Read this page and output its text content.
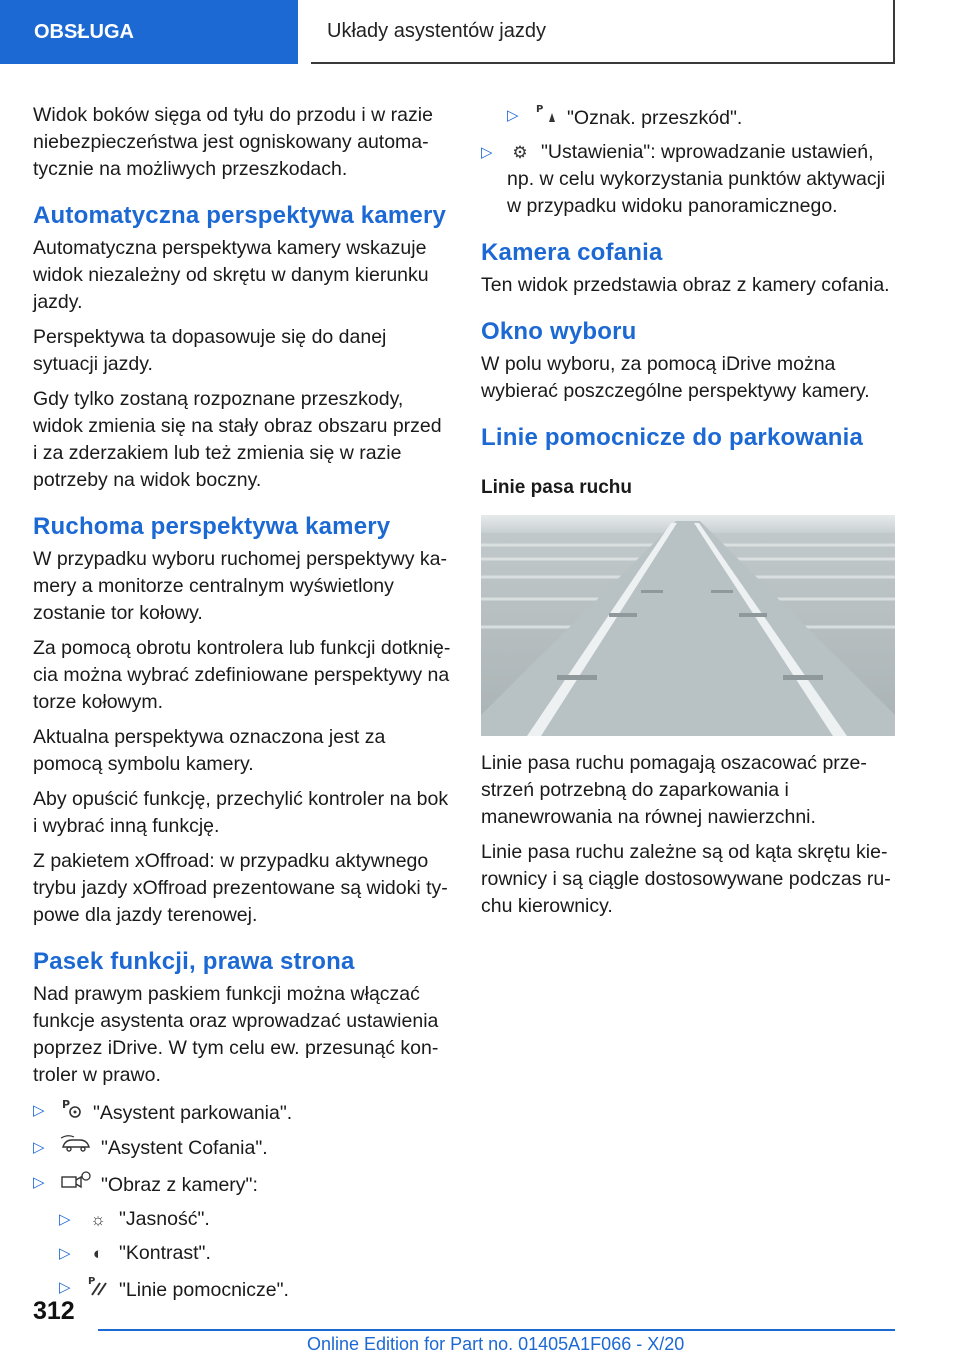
OBSŁUGA	Układy asystentów jazdy

Widok boków sięga od tyłu do przodu i w razie niebezpieczeństwa jest ogniskowany automatycznie na możliwych przeszkodach.

Automatyczna perspektywa kamery

Automatyczna perspektywa kamery wskazuje widok niezależny od skrętu w danym kierunku jazdy.

Perspektywa ta dopasowuje się do danej sytuacji jazdy.

Gdy tylko zostaną rozpoznane przeszkody, widok zmienia się na stały obraz obszaru przed i za zderzakiem lub też zmienia się w razie potrzeby na widok boczny.

Ruchoma perspektywa kamery

W przypadku wyboru ruchomej perspektywy kamery a monitorze centralnym wyświetlony zostanie tor kołowy.

Za pomocą obrotu kontrolera lub funkcji dotknięcia można wybrać zdefiniowane perspektywy na torze kołowym.

Aktualna perspektywa oznaczona jest za pomocą symbolu kamery.

Aby opuścić funkcję, przechylić kontroler na bok i wybrać inną funkcję.

Z pakietem xOffroad: w przypadku aktywnego trybu jazdy xOffroad prezentowane są widoki typowe dla jazdy terenowej.

Pasek funkcji, prawa strona

Nad prawym paskiem funkcji można włączać funkcje asystenta oraz wprowadzać ustawienia poprzez iDrive. W tym celu ew. przesunąć kontroler w prawo.

▷ P "Asystent parkowania".
▷	"Asystent Cofania".
▷	"Obraz z kamery":
▷ ☼ "Jasność".
▷ ◐ "Kontrast".
▷ P "Linie pomocnicze".
▷ P "Oznak. przeszkód".
▷ ⚙ "Ustawienia": wprowadzanie ustawień, np. w celu wykorzystania punktów aktywacji w przypadku widoku panoramicznego.
Kamera cofania

Ten widok przedstawia obraz z kamery cofania.

Okno wyboru

W polu wyboru, za pomocą iDrive można wybierać poszczególne perspektywy kamery.

Linie pomocnicze do parkowania
Linie pasa ruchu

Linie pasa ruchu pomagają oszacować przestrzeń potrzebną do zaparkowania i manewrowania na równej nawierzchni.

Linie pasa ruchu zależne są od kąta skrętu kierownicy i są ciągle dostosowywane podczas ruchu kierownicy.

312
Online Edition for Part no. 01405A1F066 - X/20
